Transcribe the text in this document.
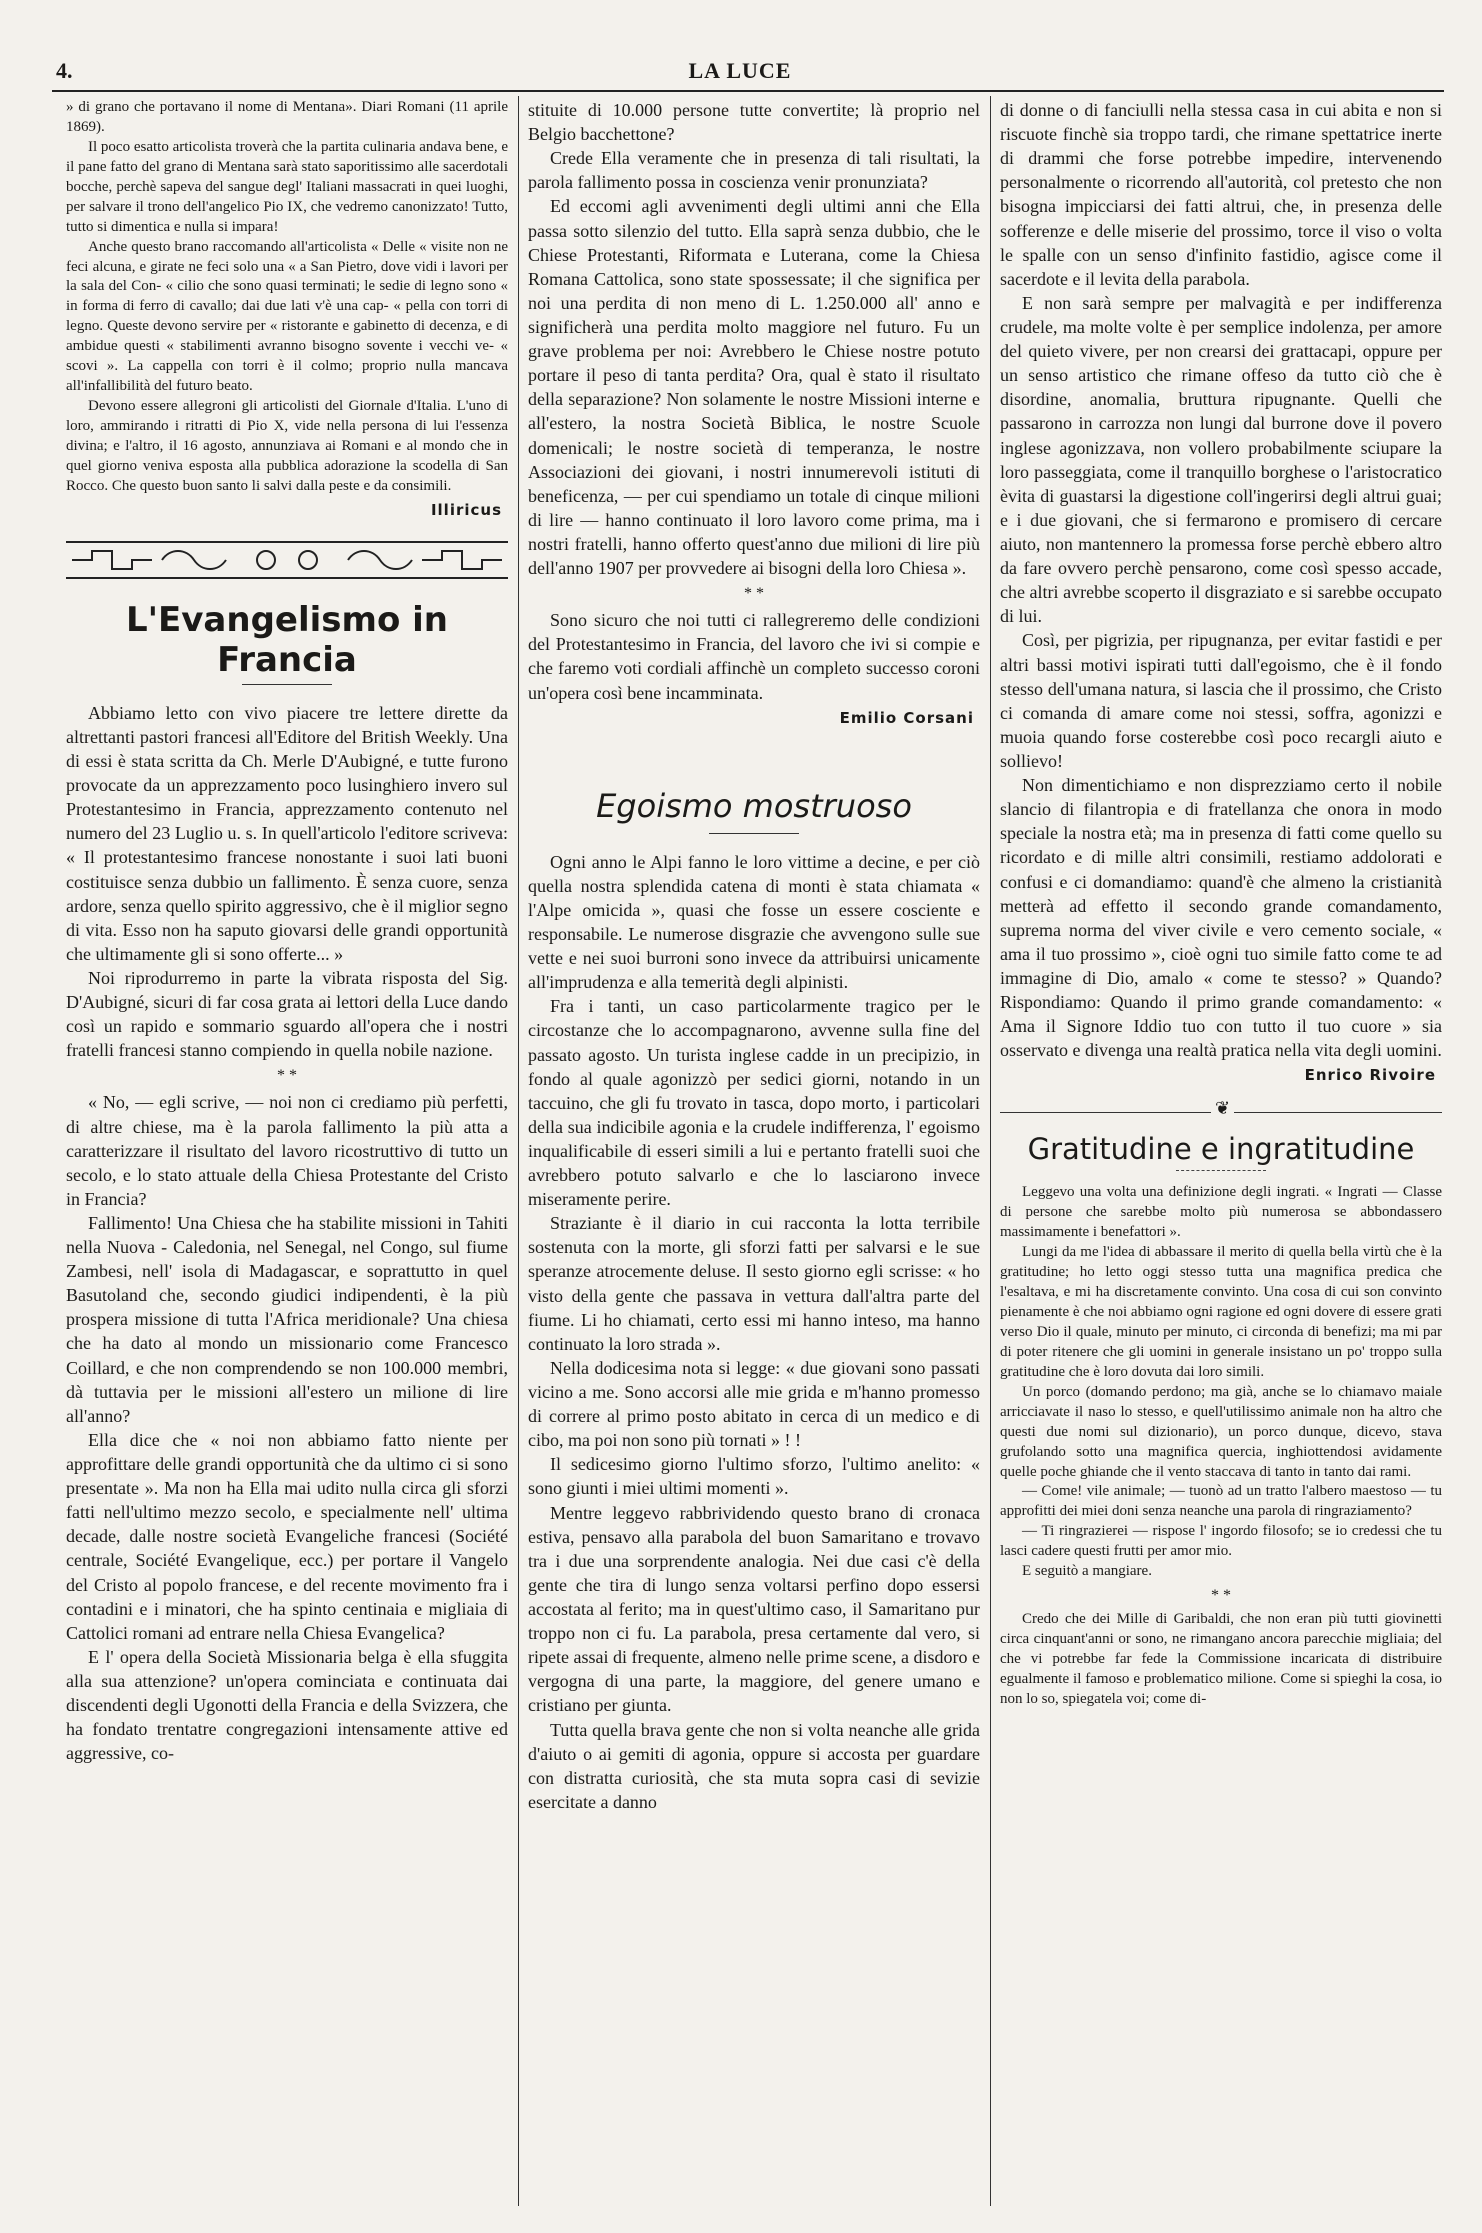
4.	LA LUCE

» di grano che portavano il nome di Mentana». Diari Romani (11 aprile 1869).

Il poco esatto articolista troverà che la partita culinaria andava bene, e il pane fatto del grano di Mentana sarà stato saporitissimo alle sacerdotali bocche, perchè sapeva del sangue degl' Italiani massacrati in quei luoghi, per salvare il trono dell'angelico Pio IX, che vedremo canonizzato! Tutto, tutto si dimentica e nulla si impara!

Anche questo brano raccomando all'articolista « Delle « visite non ne feci alcuna, e girate ne feci solo una « a San Pietro, dove vidi i lavori per la sala del Con- « cilio che sono quasi terminati; le sedie di legno sono « in forma di ferro di cavallo; dai due lati v'è una cap- « pella con torri di legno. Queste devono servire per « ristorante e gabinetto di decenza, e di ambidue questi « stabilimenti avranno bisogno sovente i vecchi ve- « scovi ». La cappella con torri è il colmo; proprio nulla mancava all'infallibilità del futuro beato.

Devono essere allegroni gli articolisti del Giornale d'Italia. L'uno di loro, ammirando i ritratti di Pio X, vide nella persona di lui l'essenza divina; e l'altro, il 16 agosto, annunziava ai Romani e al mondo che in quel giorno veniva esposta alla pubblica adorazione la scodella di San Rocco. Che questo buon santo li salvi dalla peste e da consimili.

Illiricus
L'Evangelismo in Francia

Abbiamo letto con vivo piacere tre lettere dirette da altrettanti pastori francesi all'Editore del British Weekly. Una di essi è stata scritta da Ch. Merle D'Aubigné, e tutte furono provocate da un apprezzamento poco lusinghiero invero sul Protestantesimo in Francia, apprezzamento contenuto nel numero del 23 Luglio u. s. In quell'articolo l'editore scriveva: « Il protestantesimo francese nonostante i suoi lati buoni costituisce senza dubbio un fallimento. È senza cuore, senza ardore, senza quello spirito aggressivo, che è il miglior segno di vita. Esso non ha saputo giovarsi delle grandi opportunità che ultimamente gli si sono offerte... »

Noi riprodurremo in parte la vibrata risposta del Sig. D'Aubigné, sicuri di far cosa grata ai lettori della Luce dando così un rapido e sommario sguardo all'opera che i nostri fratelli francesi stanno compiendo in quella nobile nazione.

* *

« No, — egli scrive, — noi non ci crediamo più perfetti, di altre chiese, ma è la parola fallimento la più atta a caratterizzare il risultato del lavoro ricostruttivo di tutto un secolo, e lo stato attuale della Chiesa Protestante del Cristo in Francia?

Fallimento! Una Chiesa che ha stabilite missioni in Tahiti nella Nuova - Caledonia, nel Senegal, nel Congo, sul fiume Zambesi, nell' isola di Madagascar, e soprattutto in quel Basutoland che, secondo giudici indipendenti, è la più prospera missione di tutta l'Africa meridionale? Una chiesa che ha dato al mondo un missionario come Francesco Coillard, e che non comprendendo se non 100.000 membri, dà tuttavia per le missioni all'estero un milione di lire all'anno?

Ella dice che « noi non abbiamo fatto niente per approfittare delle grandi opportunità che da ultimo ci si sono presentate ». Ma non ha Ella mai udito nulla circa gli sforzi fatti nell'ultimo mezzo secolo, e specialmente nell' ultima decade, dalle nostre società Evangeliche francesi (Société centrale, Société Evangelique, ecc.) per portare il Vangelo del Cristo al popolo francese, e del recente movimento fra i contadini e i minatori, che ha spinto centinaia e migliaia di Cattolici romani ad entrare nella Chiesa Evangelica?

E l' opera della Società Missionaria belga è ella sfuggita alla sua attenzione? un'opera cominciata e continuata dai discendenti degli Ugonotti della Francia e della Svizzera, che ha fondato trentatre congregazioni intensamente attive ed aggressive, co-

stituite di 10.000 persone tutte convertite; là proprio nel Belgio bacchettone?

Crede Ella veramente che in presenza di tali risultati, la parola fallimento possa in coscienza venir pronunziata?

Ed eccomi agli avvenimenti degli ultimi anni che Ella passa sotto silenzio del tutto. Ella saprà senza dubbio, che le Chiese Protestanti, Riformata e Luterana, come la Chiesa Romana Cattolica, sono state spossessate; il che significa per noi una perdita di non meno di L. 1.250.000 all' anno e significherà una perdita molto maggiore nel futuro. Fu un grave problema per noi: Avrebbero le Chiese nostre potuto portare il peso di tanta perdita? Ora, qual è stato il risultato della separazione? Non solamente le nostre Missioni interne e all'estero, la nostra Società Biblica, le nostre Scuole domenicali; le nostre società di temperanza, le nostre Associazioni dei giovani, i nostri innumerevoli istituti di beneficenza, — per cui spendiamo un totale di cinque milioni di lire — hanno continuato il loro lavoro come prima, ma i nostri fratelli, hanno offerto quest'anno due milioni di lire più dell'anno 1907 per provvedere ai bisogni della loro Chiesa ».

* *

Sono sicuro che noi tutti ci rallegreremo delle condizioni del Protestantesimo in Francia, del lavoro che ivi si compie e che faremo voti cordiali affinchè un completo successo coroni un'opera così bene incamminata.

Emilio Corsani
Egoismo mostruoso

Ogni anno le Alpi fanno le loro vittime a decine, e per ciò quella nostra splendida catena di monti è stata chiamata « l'Alpe omicida », quasi che fosse un essere cosciente e responsabile. Le numerose disgrazie che avvengono sulle sue vette e nei suoi burroni sono invece da attribuirsi unicamente all'imprudenza e alla temerità degli alpinisti.

Fra i tanti, un caso particolarmente tragico per le circostanze che lo accompagnarono, avvenne sulla fine del passato agosto. Un turista inglese cadde in un precipizio, in fondo al quale agonizzò per sedici giorni, notando in un taccuino, che gli fu trovato in tasca, dopo morto, i particolari della sua indicibile agonia e la crudele indifferenza, l' egoismo inqualificabile di esseri simili a lui e pertanto fratelli suoi che avrebbero potuto salvarlo e che lo lasciarono invece miseramente perire.

Straziante è il diario in cui racconta la lotta terribile sostenuta con la morte, gli sforzi fatti per salvarsi e le sue speranze atrocemente deluse. Il sesto giorno egli scrisse: « ho visto della gente che passava in vettura dall'altra parte del fiume. Li ho chiamati, certo essi mi hanno inteso, ma hanno continuato la loro strada ».

Nella dodicesima nota si legge: « due giovani sono passati vicino a me. Sono accorsi alle mie grida e m'hanno promesso di correre al primo posto abitato in cerca di un medico e di cibo, ma poi non sono più tornati » ! !

Il sedicesimo giorno l'ultimo sforzo, l'ultimo anelito: « sono giunti i miei ultimi momenti ».

Mentre leggevo rabbrividendo questo brano di cronaca estiva, pensavo alla parabola del buon Samaritano e trovavo tra i due una sorprendente analogia. Nei due casi c'è della gente che tira di lungo senza voltarsi perfino dopo essersi accostata al ferito; ma in quest'ultimo caso, il Samaritano pur troppo non ci fu. La parabola, presa certamente dal vero, si ripete assai di frequente, almeno nelle prime scene, a disdoro e vergogna di una parte, la maggiore, del genere umano e cristiano per giunta.

Tutta quella brava gente che non si volta neanche alle grida d'aiuto o ai gemiti di agonia, oppure si accosta per guardare con distratta curiosità, che sta muta sopra casi di sevizie esercitate a danno

di donne o di fanciulli nella stessa casa in cui abita e non si riscuote finchè sia troppo tardi, che rimane spettatrice inerte di drammi che forse potrebbe impedire, intervenendo personalmente o ricorrendo all'autorità, col pretesto che non bisogna impicciarsi dei fatti altrui, che, in presenza delle sofferenze e delle miserie del prossimo, torce il viso o volta le spalle con un senso d'infinito fastidio, agisce come il sacerdote e il levita della parabola.

E non sarà sempre per malvagità e per indifferenza crudele, ma molte volte è per semplice indolenza, per amore del quieto vivere, per non crearsi dei grattacapi, oppure per un senso artistico che rimane offeso da tutto ciò che è disordine, anomalia, bruttura ripugnante. Quelli che passarono in carrozza non lungi dal burrone dove il povero inglese agonizzava, non vollero probabilmente sciupare la loro passeggiata, come il tranquillo borghese o l'aristocratico èvita di guastarsi la digestione coll'ingerirsi degli altrui guai; e i due giovani, che si fermarono e promisero di cercare aiuto, non mantennero la promessa forse perchè ebbero altro da fare ovvero perchè pensarono, come così spesso accade, che altri avrebbe scoperto il disgraziato e si sarebbe occupato di lui.

Così, per pigrizia, per ripugnanza, per evitar fastidi e per altri bassi motivi ispirati tutti dall'egoismo, che è il fondo stesso dell'umana natura, si lascia che il prossimo, che Cristo ci comanda di amare come noi stessi, soffra, agonizzi e muoia quando forse costerebbe così poco recargli aiuto e sollievo!

Non dimentichiamo e non disprezziamo certo il nobile slancio di filantropia e di fratellanza che onora in modo speciale la nostra età; ma in presenza di fatti come quello su ricordato e di mille altri consimili, restiamo addolorati e confusi e ci domandiamo: quand'è che almeno la cristianità metterà ad effetto il secondo grande comandamento, suprema norma del viver civile e vero cemento sociale, « ama il tuo prossimo », cioè ogni tuo simile fatto come te ad immagine di Dio, amalo « come te stesso? » Quando? Rispondiamo: Quando il primo grande comandamento: « Ama il Signore Iddio tuo con tutto il tuo cuore » sia osservato e divenga una realtà pratica nella vita degli uomini.

Enrico Rivoire
❦
Gratitudine e ingratitudine

Leggevo una volta una definizione degli ingrati. « Ingrati — Classe di persone che sarebbe molto più numerosa se abbondassero massimamente i benefattori ».

Lungi da me l'idea di abbassare il merito di quella bella virtù che è la gratitudine; ho letto oggi stesso tutta una magnifica predica che l'esaltava, e mi ha discretamente convinto. Una cosa di cui son convinto pienamente è che noi abbiamo ogni ragione ed ogni dovere di essere grati verso Dio il quale, minuto per minuto, ci circonda di benefizi; ma mi par di poter ritenere che gli uomini in generale insistano un po' troppo sulla gratitudine che è loro dovuta dai loro simili.

Un porco (domando perdono; ma già, anche se lo chiamavo maiale arricciavate il naso lo stesso, e quell'utilissimo animale non ha altro che questi due nomi sul dizionario), un porco dunque, dicevo, stava grufolando sotto una magnifica quercia, inghiottendosi avidamente quelle poche ghiande che il vento staccava di tanto in tanto dai rami.

— Come! vile animale; — tuonò ad un tratto l'albero maestoso — tu approfitti dei miei doni senza neanche una parola di ringraziamento?

— Ti ringrazierei — rispose l' ingordo filosofo; se io credessi che tu lasci cadere questi frutti per amor mio.

E seguitò a mangiare.

* *

Credo che dei Mille di Garibaldi, che non eran più tutti giovinetti circa cinquant'anni or sono, ne rimangano ancora parecchie migliaia; del che vi potrebbe far fede la Commissione incaricata di distribuire egualmente il famoso e problematico milione. Come si spieghi la cosa, io non lo so, spiegatela voi; come di-
